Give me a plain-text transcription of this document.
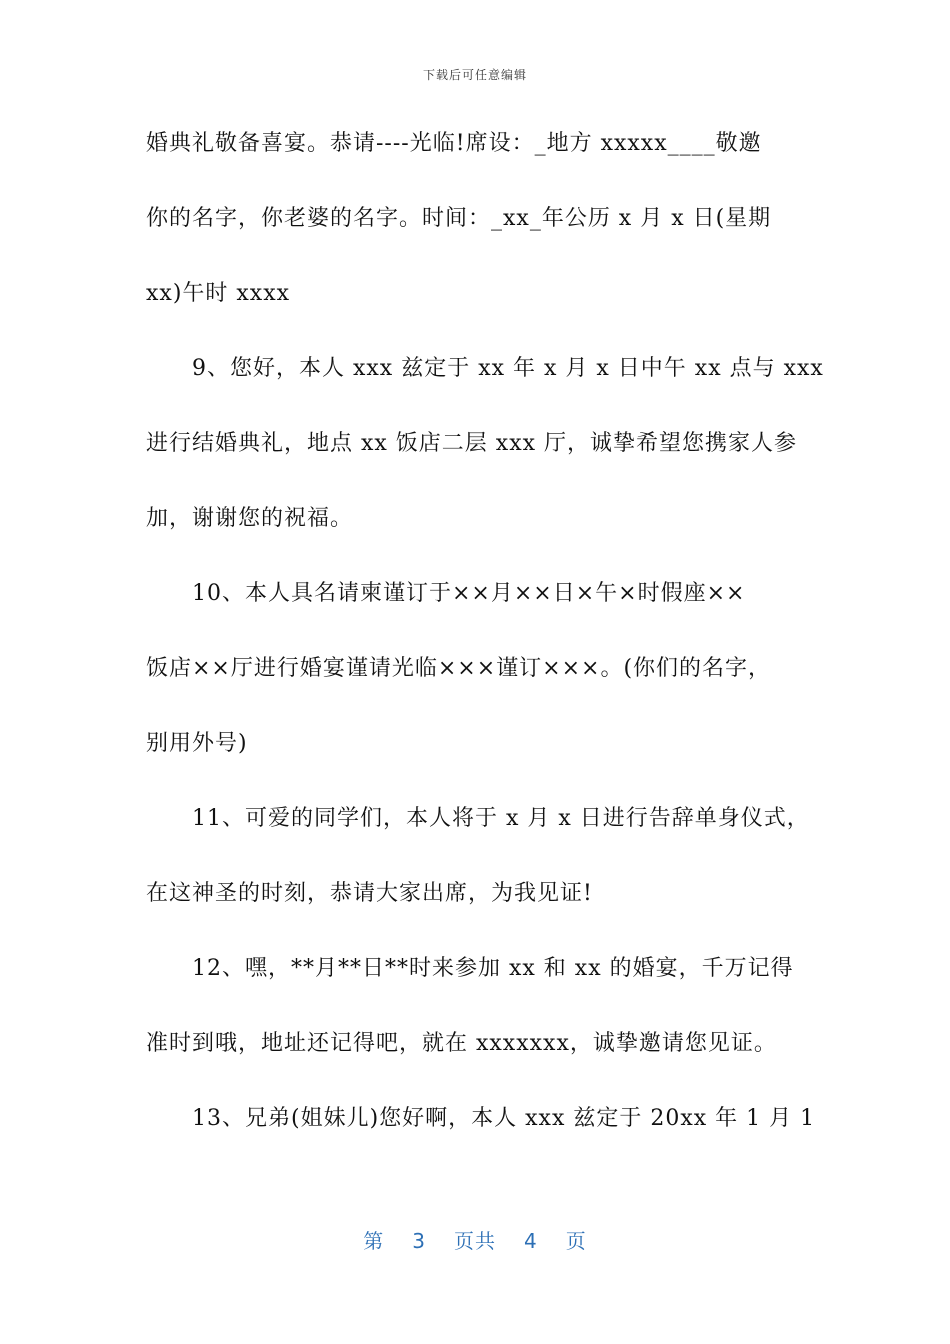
下载后可任意编辑
婚典礼敬备喜宴。恭请----光临!席设：_地方 xxxxx____敬邀
你的名字，你老婆的名字。时间：_xx_年公历 x 月 x 日(星期
xx)午时 xxxx
9、您好，本人 xxx 兹定于 xx 年 x 月 x 日中午 xx 点与 xxx
进行结婚典礼，地点 xx 饭店二层 xxx 厅，诚挚希望您携家人参
加，谢谢您的祝福。
10、本人具名请柬谨订于××月××日×午×时假座××
饭店××厅进行婚宴谨请光临×××谨订×××。(你们的名字，
别用外号)
11、可爱的同学们，本人将于 x 月 x 日进行告辞单身仪式，
在这神圣的时刻，恭请大家出席，为我见证!
12、嘿，**月**日**时来参加 xx 和 xx 的婚宴，千万记得
准时到哦，地址还记得吧，就在 xxxxxxx，诚挚邀请您见证。
13、兄弟(姐妹儿)您好啊，本人 xxx 兹定于 20xx 年 1 月 1
第 3 页共 4 页
